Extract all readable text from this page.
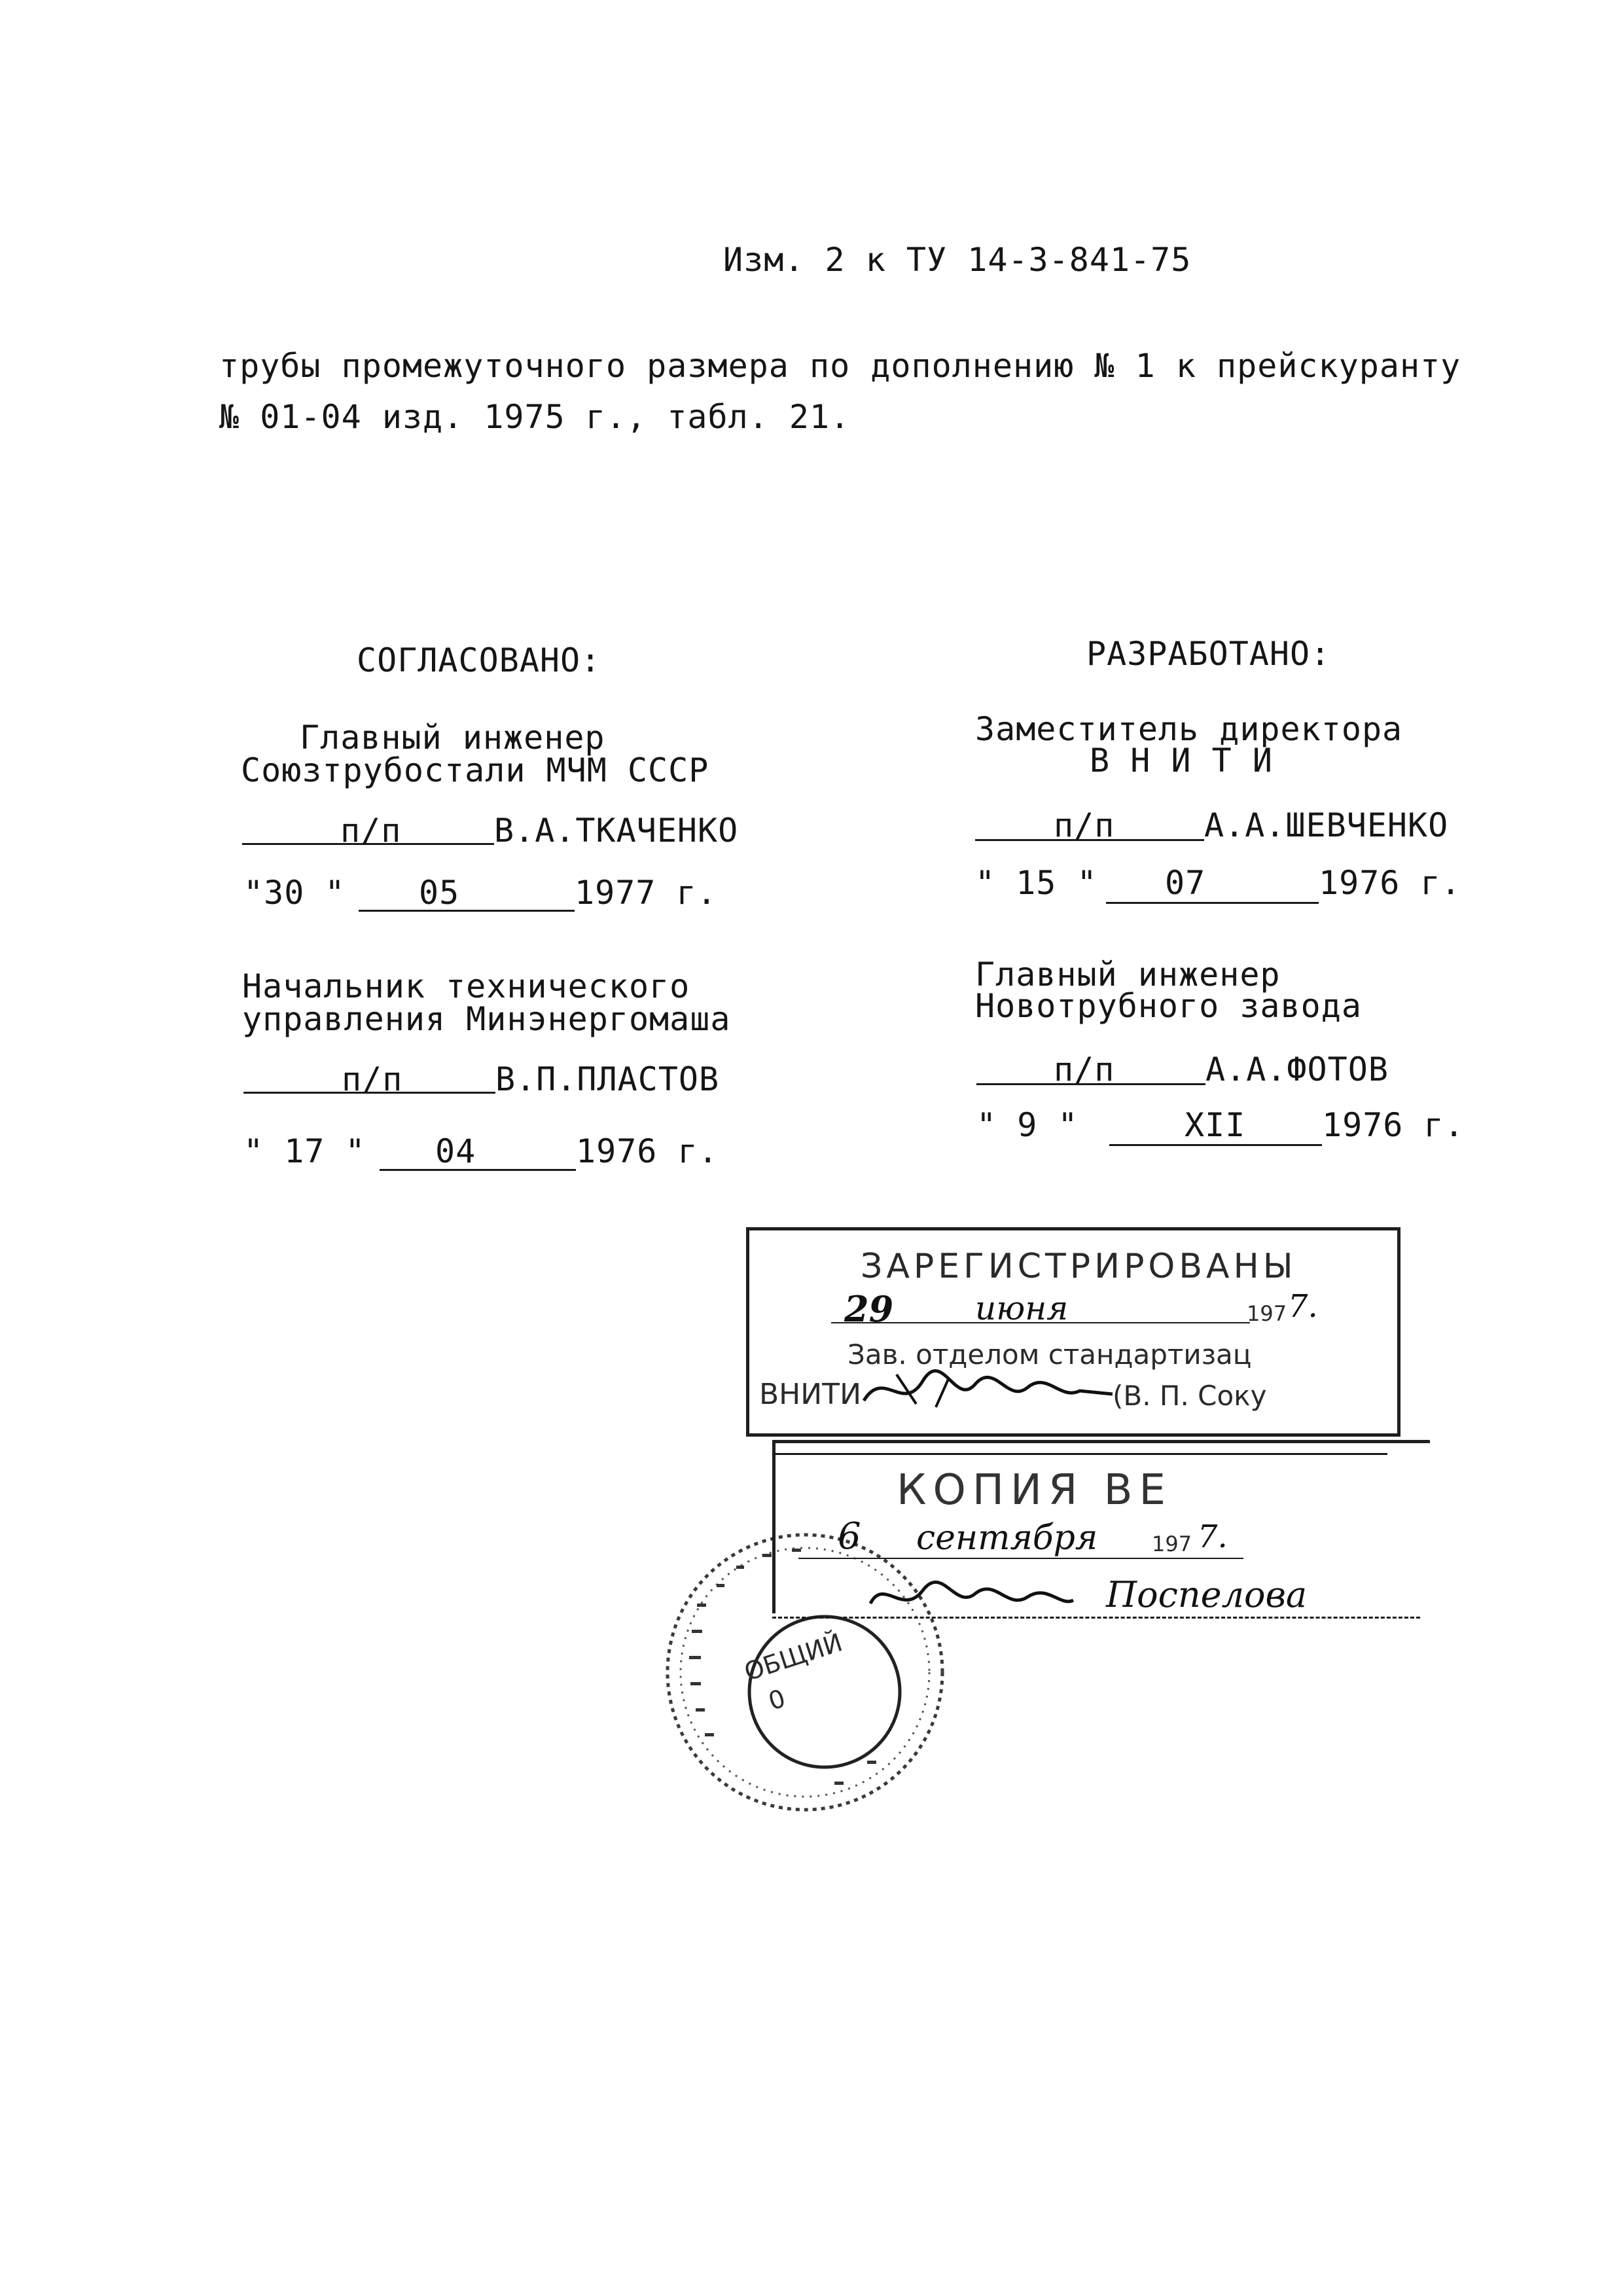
Изм. 2 к ТУ 14-3-841-75
трубы промежуточного размера по дополнению № 1 к прейскуранту
№ 01-04 изд. 1975 г., табл. 21.
СОГЛАСОВАНО:
Главный инженер
Союзтрубостали МЧМ СССР
п/п	В.А.ТКАЧЕНКО
"30 " 05	1977 г.
Начальник технического
управления Минэнергомаша
п/п	В.П.ПЛАСТОВ
" 17 " 04	1976 г.
РАЗРАБОТАНО:
Заместитель директора
В Н И Т И
п/п	А.А.ШЕВЧЕНКО
" 15 " 07	1976 г.
Главный инженер
Новотрубного завода
п/п	А.А.ФОТОВ
" 9 "	XII 1976 г.
ОБЩИЙ
0
ЗАРЕГИСТРИРОВАНЫ
29 июня	197 7.
Зав. отделом стандартизац
ВНИТИ	(В. П. Соку
КОПИЯ ВЕ
6 сентября	197 7.
Поспелова
